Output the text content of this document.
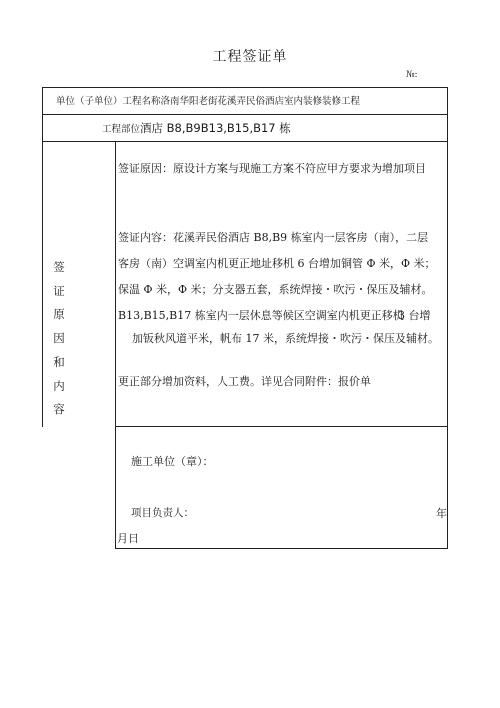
工程签证单
№:
单位（子单位）工程名称洛南华阳老街花溪弄民俗酒店室内装修装修工程
工程部位酒店 B8,B9B13,B15,B17 栋
签
证
原
因
和
内
容
签证原因：原设计方案与现施工方案不符应甲方要求为增加项目
签证内容：花溪弄民俗酒店 B8,B9 栋室内一层客房（南），二层
客房（南）空调室内机更正地址移机 6 台增加铜管 Φ 米，Φ 米；
保温 Φ 米，Φ 米；分支器五套，系统焊接・吹污・保压及辅材。
B13,B15,B17 栋室内一层休息等候区空调室内机更正移机
3 台增
加钣秋风道平米，帆布 17 米，系统焊接・吹污・保压及辅材。
更正部分增加资料，人工费。详见合同附件：报价单
施工单位（章）：
项目负责人：	年
月日
